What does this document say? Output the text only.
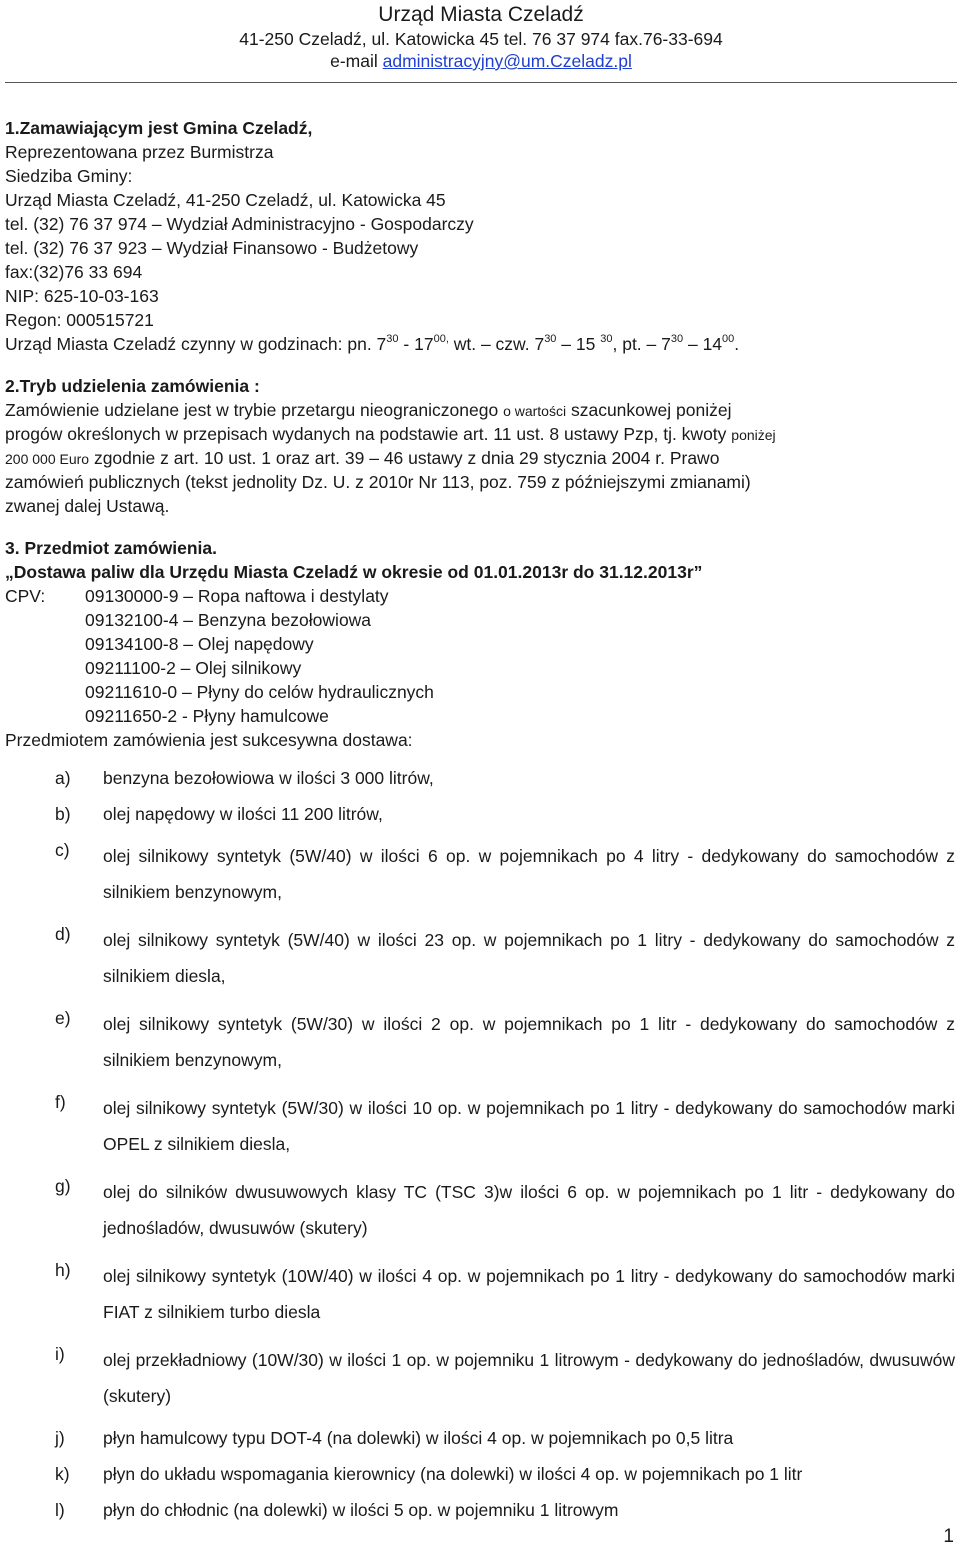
Urząd Miasta Czeladź
41-250 Czeladź, ul. Katowicka 45 tel. 76 37 974 fax.76-33-694
e-mail administracyjny@um.Czeladz.pl
1.Zamawiającym jest Gmina Czeladź,
Reprezentowana przez Burmistrza
Siedziba Gminy:
Urząd Miasta Czeladź, 41-250 Czeladź, ul. Katowicka 45
tel. (32) 76 37 974 – Wydział Administracyjno - Gospodarczy
tel. (32) 76 37 923 – Wydział Finansowo - Budżetowy
fax:(32)76 33 694
NIP: 625-10-03-163
Regon: 000515721
Urząd Miasta Czeladź czynny w godzinach: pn. $7^{30} - 17^{00,}$ wt. – czw. $7^{30} - 15$ $^{30}$, pt. – $7^{30} - 14^{00}$.
2.Tryb udzielenia zamówienia :
Zamówienie udzielane jest w trybie przetargu nieograniczonego o wartości szacunkowej poniżej
progów określonych w przepisach wydanych na podstawie art. 11 ust. 8 ustawy Pzp, tj. kwoty poniżej
200 000 Euro zgodnie z art. 10 ust. 1 oraz art. 39 – 46 ustawy z dnia 29 stycznia 2004 r. Prawo
zamówień publicznych (tekst jednolity Dz. U. z 2010r Nr 113, poz. 759 z późniejszymi zmianami)
zwanej dalej Ustawą.
3. Przedmiot zamówienia.
„Dostawa paliw dla Urzędu Miasta Czeladź w okresie od 01.01.2013r do 31.12.2013r”
CPV:	09130000-9 – Ropa naftowa i destylaty
09132100-4 – Benzyna bezołowiowa
09134100-8 – Olej napędowy
09211100-2 – Olej silnikowy
09211610-0 – Płyny do celów hydraulicznych
09211650-2 - Płyny hamulcowe
Przedmiotem zamówienia jest sukcesywna dostawa:
a)	benzyna bezołowiowa w ilości 3 000 litrów,
b)	olej napędowy w ilości 11 200 litrów,
c)	olej silnikowy syntetyk (5W/40) w ilości 6 op. w pojemnikach po 4 litry - dedykowany do samochodów z silnikiem benzynowym,
d)	olej silnikowy syntetyk (5W/40) w ilości 23 op. w pojemnikach po 1 litry - dedykowany do samochodów z silnikiem diesla,
e)	olej silnikowy syntetyk (5W/30) w ilości 2 op. w pojemnikach po 1 litr - dedykowany do samochodów z silnikiem benzynowym,
f)	olej silnikowy syntetyk (5W/30) w ilości 10 op. w pojemnikach po 1 litry - dedykowany do samochodów marki OPEL z silnikiem diesla,
g)	olej do silników dwusuwowych klasy TC (TSC 3)w ilości 6 op. w pojemnikach po 1 litr - dedykowany do jednośladów, dwusuwów (skutery)
h)	olej silnikowy syntetyk (10W/40) w ilości 4 op. w pojemnikach po 1 litry - dedykowany do samochodów marki FIAT z silnikiem turbo diesla
i)	olej przekładniowy (10W/30) w ilości 1 op. w pojemniku 1 litrowym - dedykowany do jednośladów, dwusuwów (skutery)
j)	płyn hamulcowy typu DOT-4 (na dolewki) w ilości 4 op. w pojemnikach po 0,5 litra
k)	płyn do układu wspomagania kierownicy (na dolewki) w ilości 4 op. w pojemnikach po 1 litr
l)	płyn do chłodnic (na dolewki) w ilości 5 op. w pojemniku 1 litrowym
1
